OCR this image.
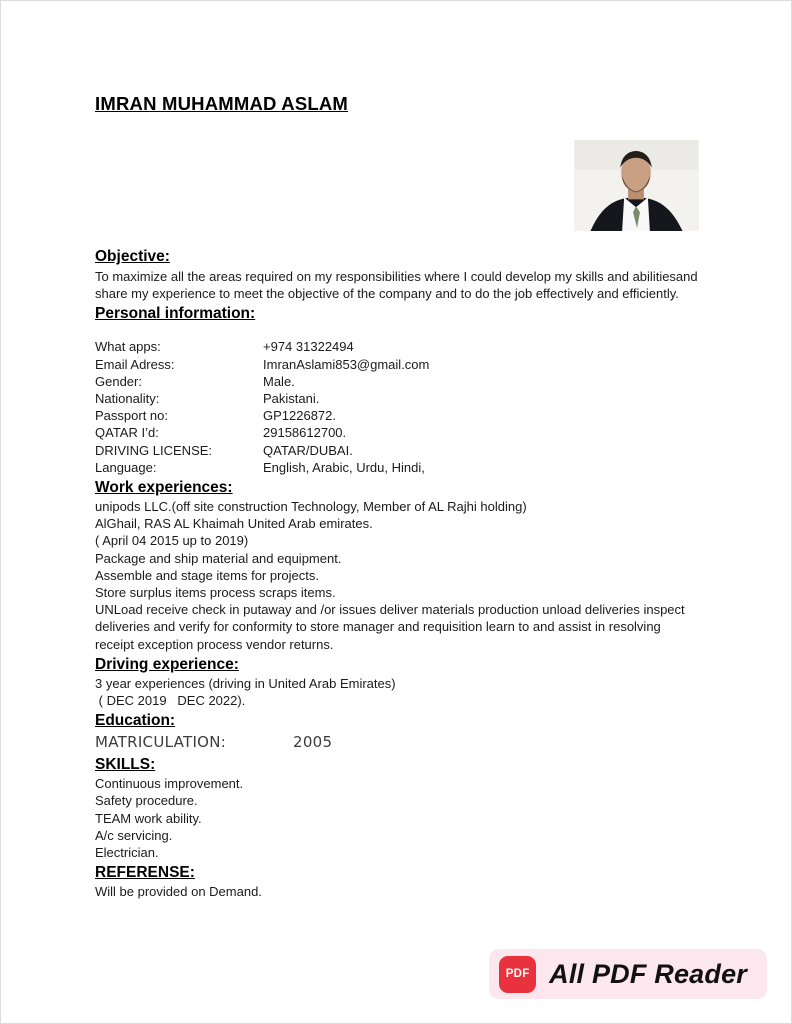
IMRAN MUHAMMAD ASLAM
Objective:
To maximize all the areas required on my responsibilities where I could develop my skills and abilitiesand share my experience to meet the objective of the company and to do the job effectively and efficiently.
Personal information:
What apps:	+974 31322494
Email Adress:	ImranAslami853@gmail.com
Gender:	Male.
Nationality:	Pakistani.
Passport no:	GP1226872.
QATAR I’d:	29158612700.
DRIVING LICENSE:	QATAR/DUBAI.
Language:	English, Arabic, Urdu, Hindi,
Work experiences:
unipods LLC.(off site construction Technology, Member of AL Rajhi holding)
AlGhail, RAS AL Khaimah United Arab emirates.
( April 04 2015 up to 2019)
Package and ship material and equipment.
Assemble and stage items for projects.
Store surplus items process scraps items.
UNLoad receive check in putaway and /or issues deliver materials production unload deliveries inspect deliveries and verify for conformity to store manager and requisition learn to and assist in resolving receipt exception process vendor returns.
Driving experience:
3 year experiences (driving in United Arab Emirates)
( DEC 2019   DEC 2022).
Education:
MATRICULATION:	2005
SKILLS:
Continuous improvement.
Safety procedure.
TEAM work ability.
A/c servicing.
Electrician.
REFERENSE:
Will be provided on Demand.
PDF All PDF Reader
